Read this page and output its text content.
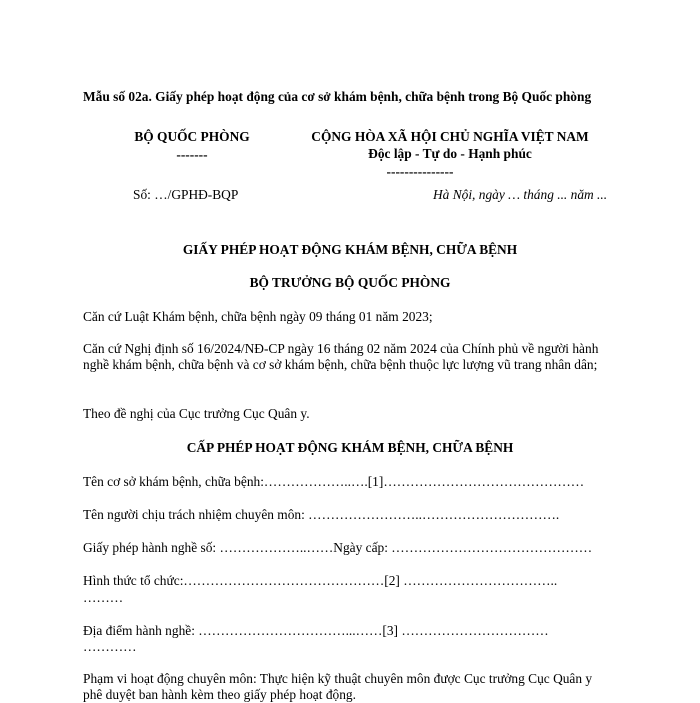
Mẫu số 02a. Giấy phép hoạt động của cơ sở khám bệnh, chữa bệnh trong Bộ Quốc phòng
BỘ QUỐC PHÒNG
-------
CỘNG HÒA XÃ HỘI CHỦ NGHĨA VIỆT NAM
Độc lập - Tự do - Hạnh phúc
---------------
Số: …/GPHĐ-BQP	Hà Nội, ngày … tháng ... năm ...
GIẤY PHÉP HOẠT ĐỘNG KHÁM BỆNH, CHỮA BỆNH
BỘ TRƯỞNG BỘ QUỐC PHÒNG
Căn cứ Luật Khám bệnh, chữa bệnh ngày 09 tháng 01 năm 2023;
Căn cứ Nghị định số 16/2024/NĐ-CP ngày 16 tháng 02 năm 2024 của Chính phủ về người hành nghề khám bệnh, chữa bệnh và cơ sở khám bệnh, chữa bệnh thuộc lực lượng vũ trang nhân dân;
Theo đề nghị của Cục trưởng Cục Quân y.
CẤP PHÉP HOẠT ĐỘNG KHÁM BỆNH, CHỮA BỆNH
Tên cơ sở khám bệnh, chữa bệnh:………………..….[1]………………………………………
Tên người chịu trách nhiệm chuyên môn: ……………………..………………………….
Giấy phép hành nghề số: ………………..……Ngày cấp: ………………………………………
Hình thức tổ chức:………………………………………[2] ……………………………..
………
Địa điểm hành nghề: ……………………………...……[3] ……………………………
…………
Phạm vi hoạt động chuyên môn: Thực hiện kỹ thuật chuyên môn được Cục trưởng Cục Quân y
phê duyệt ban hành kèm theo giấy phép hoạt động.
